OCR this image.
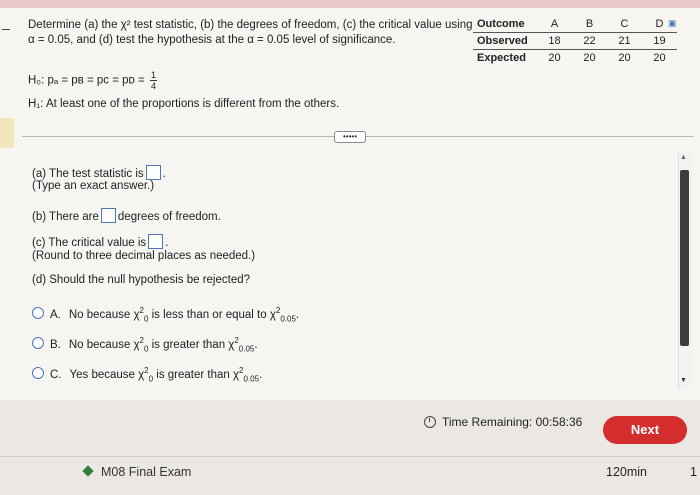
Determine (a) the χ² test statistic, (b) the degrees of freedom, (c) the critical value using
α = 0.05, and (d) test the hypothesis at the α = 0.05 level of significance.
Outcome	A	B	C	D
Observed	18	22	21	19
Expected	20	20	20	20
▣
H₀: pₐ = pʙ = pᴄ = pᴅ = $\frac{1}{4}$
H₁: At least one of the proportions is different from the others.
•••••
(a) The test statistic is .
(Type an exact answer.)
(b) There are degrees of freedom.
(c) The critical value is .
(Round to three decimal places as needed.)
(d) Should the null hypothesis be rejected?
A. No because $\chi^2_0$ is less than or equal to $\chi^2_{0.05}$.
B. No because $\chi^2_0$ is greater than $\chi^2_{0.05}$.
C. Yes because $\chi^2_0$ is greater than $\chi^2_{0.05}$.
▲
▼
Time Remaining: 00:58:36	Next
M08 Final Exam	120min	1
